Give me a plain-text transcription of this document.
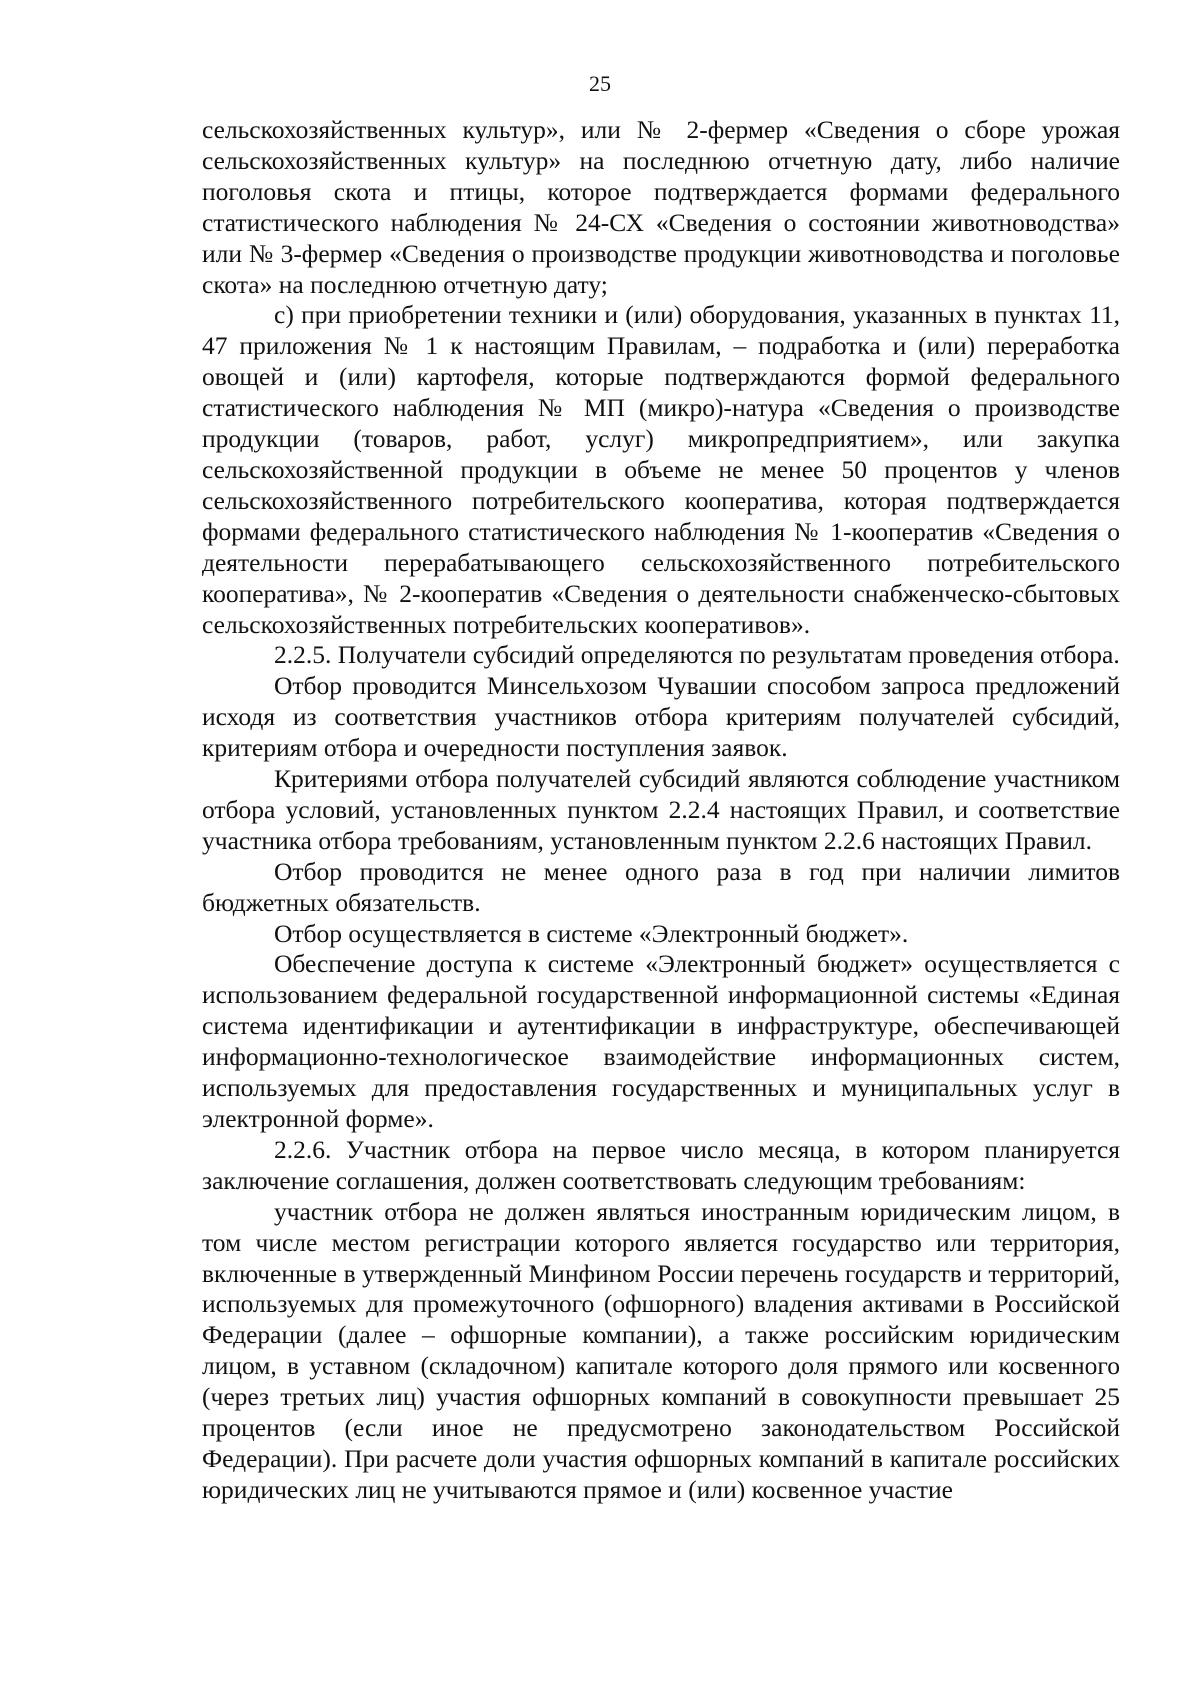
25

сельскохозяйственных культур», или № 2-фермер «Сведения о сборе урожая сельскохозяйственных культур» на последнюю отчетную дату, либо наличие поголовья скота и птицы, которое подтверждается формами федерального статистического наблюдения № 24-СХ «Сведения о состоянии животноводства» или № 3-фермер «Сведения о производстве продукции животноводства и поголовье скота» на последнюю отчетную дату;

с) при приобретении техники и (или) оборудования, указанных в пунктах 11, 47 приложения № 1 к настоящим Правилам, – подработка и (или) переработка овощей и (или) картофеля, которые подтверждаются формой федерального статистического наблюдения № МП (микро)-натура «Сведения о производстве продукции (товаров, работ, услуг) микропредприятием», или закупка сельскохозяйственной продукции в объеме не менее 50 процентов у членов сельскохозяйственного потребительского кооператива, которая подтверждается формами федерального статистического наблюдения № 1-кооператив «Сведения о деятельности перерабатывающего сельскохозяйственного потребительского кооператива», № 2-кооператив «Сведения о деятельности снабженческо-сбытовых сельскохозяйственных потребительских кооперативов».

2.2.5. Получатели субсидий определяются по результатам проведения отбора.

Отбор проводится Минсельхозом Чувашии способом запроса предложений исходя из соответствия участников отбора критериям получателей субсидий, критериям отбора и очередности поступления заявок.

Критериями отбора получателей субсидий являются соблюдение участником отбора условий, установленных пунктом 2.2.4 настоящих Правил, и соответствие участника отбора требованиям, установленным пунктом 2.2.6 настоящих Правил.

Отбор проводится не менее одного раза в год при наличии лимитов бюджетных обязательств.

Отбор осуществляется в системе «Электронный бюджет».

Обеспечение доступа к системе «Электронный бюджет» осуществляется с использованием федеральной государственной информационной системы «Единая система идентификации и аутентификации в инфраструктуре, обеспечивающей информационно-технологическое взаимодействие информационных систем, используемых для предоставления государственных и муниципальных услуг в электронной форме».

2.2.6. Участник отбора на первое число месяца, в котором планируется заключение соглашения, должен соответствовать следующим требованиям:

участник отбора не должен являться иностранным юридическим лицом, в том числе местом регистрации которого является государство или территория, включенные в утвержденный Минфином России перечень государств и территорий, используемых для промежуточного (офшорного) владения активами в Российской Федерации (далее – офшорные компании), а также российским юридическим лицом, в уставном (складочном) капитале которого доля прямого или косвенного (через третьих лиц) участия офшорных компаний в совокупности превышает 25 процентов (если иное не предусмотрено законодательством Российской Федерации). При расчете доли участия офшорных компаний в капитале российских юридических лиц не учитываются прямое и (или) косвенное участие
